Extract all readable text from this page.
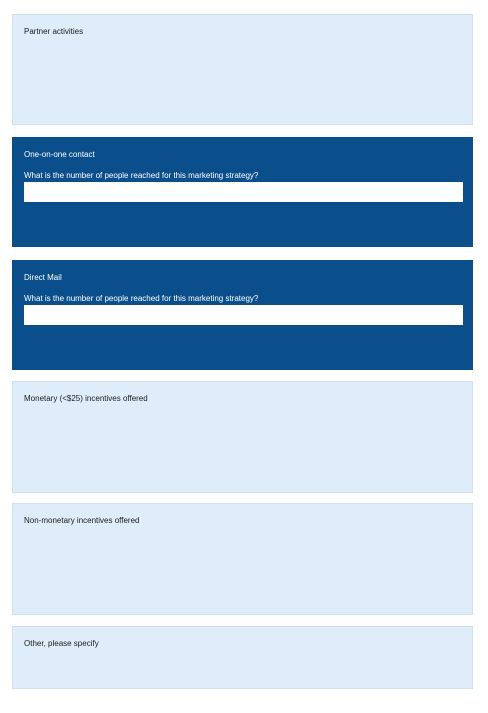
Partner activities
One-on-one contact
What is the number of people reached for this marketing strategy?
Direct Mail
What is the number of people reached for this marketing strategy?
Monetary (<$25) incentives offered
Non-monetary incentives offered
Other, please specify
